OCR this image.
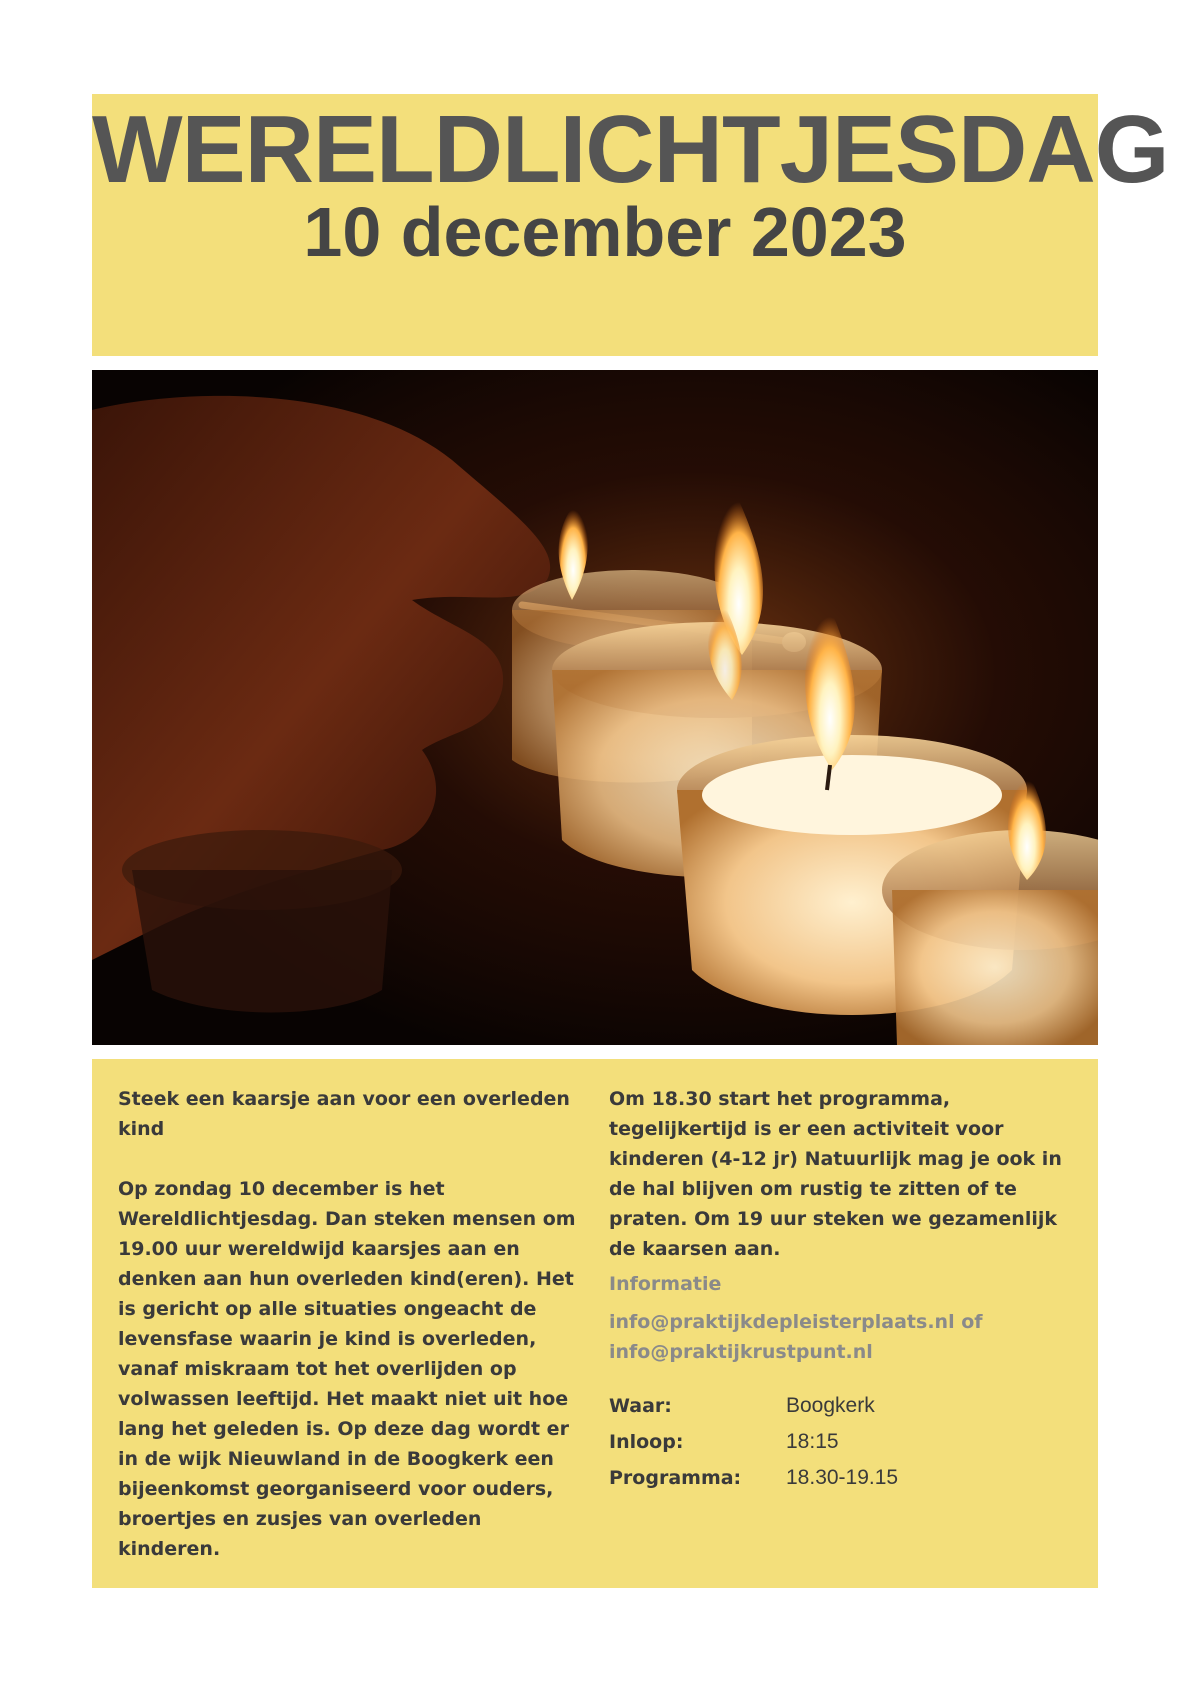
WERELDLICHTJESDAG
10 december 2023

Steek een kaarsje aan voor een overleden kind

Op zondag 10 december is het Wereldlichtjesdag. Dan steken mensen om 19.00 uur wereldwijd kaarsjes aan en denken aan hun overleden kind(eren). Het is gericht op alle situaties ongeacht de levensfase waarin je kind is overleden, vanaf miskraam tot het overlijden op volwassen leeftijd. Het maakt niet uit hoe lang het geleden is. Op deze dag wordt er in de wijk Nieuwland in de Boogkerk een bijeenkomst georganiseerd voor ouders, broertjes en zusjes van overleden kinderen.

Om 18.30 start het programma, tegelijkertijd is er een activiteit voor kinderen (4-12 jr) Natuurlijk mag je ook in de hal blijven om rustig te zitten of te praten. Om 19 uur steken we gezamenlijk de kaarsen aan.

Informatie

info@praktijkdepleisterplaats.nl of
info@praktijkrustpunt.nl

Waar:	Boogkerk
Inloop:	18:15
Programma:	18.30-19.15
